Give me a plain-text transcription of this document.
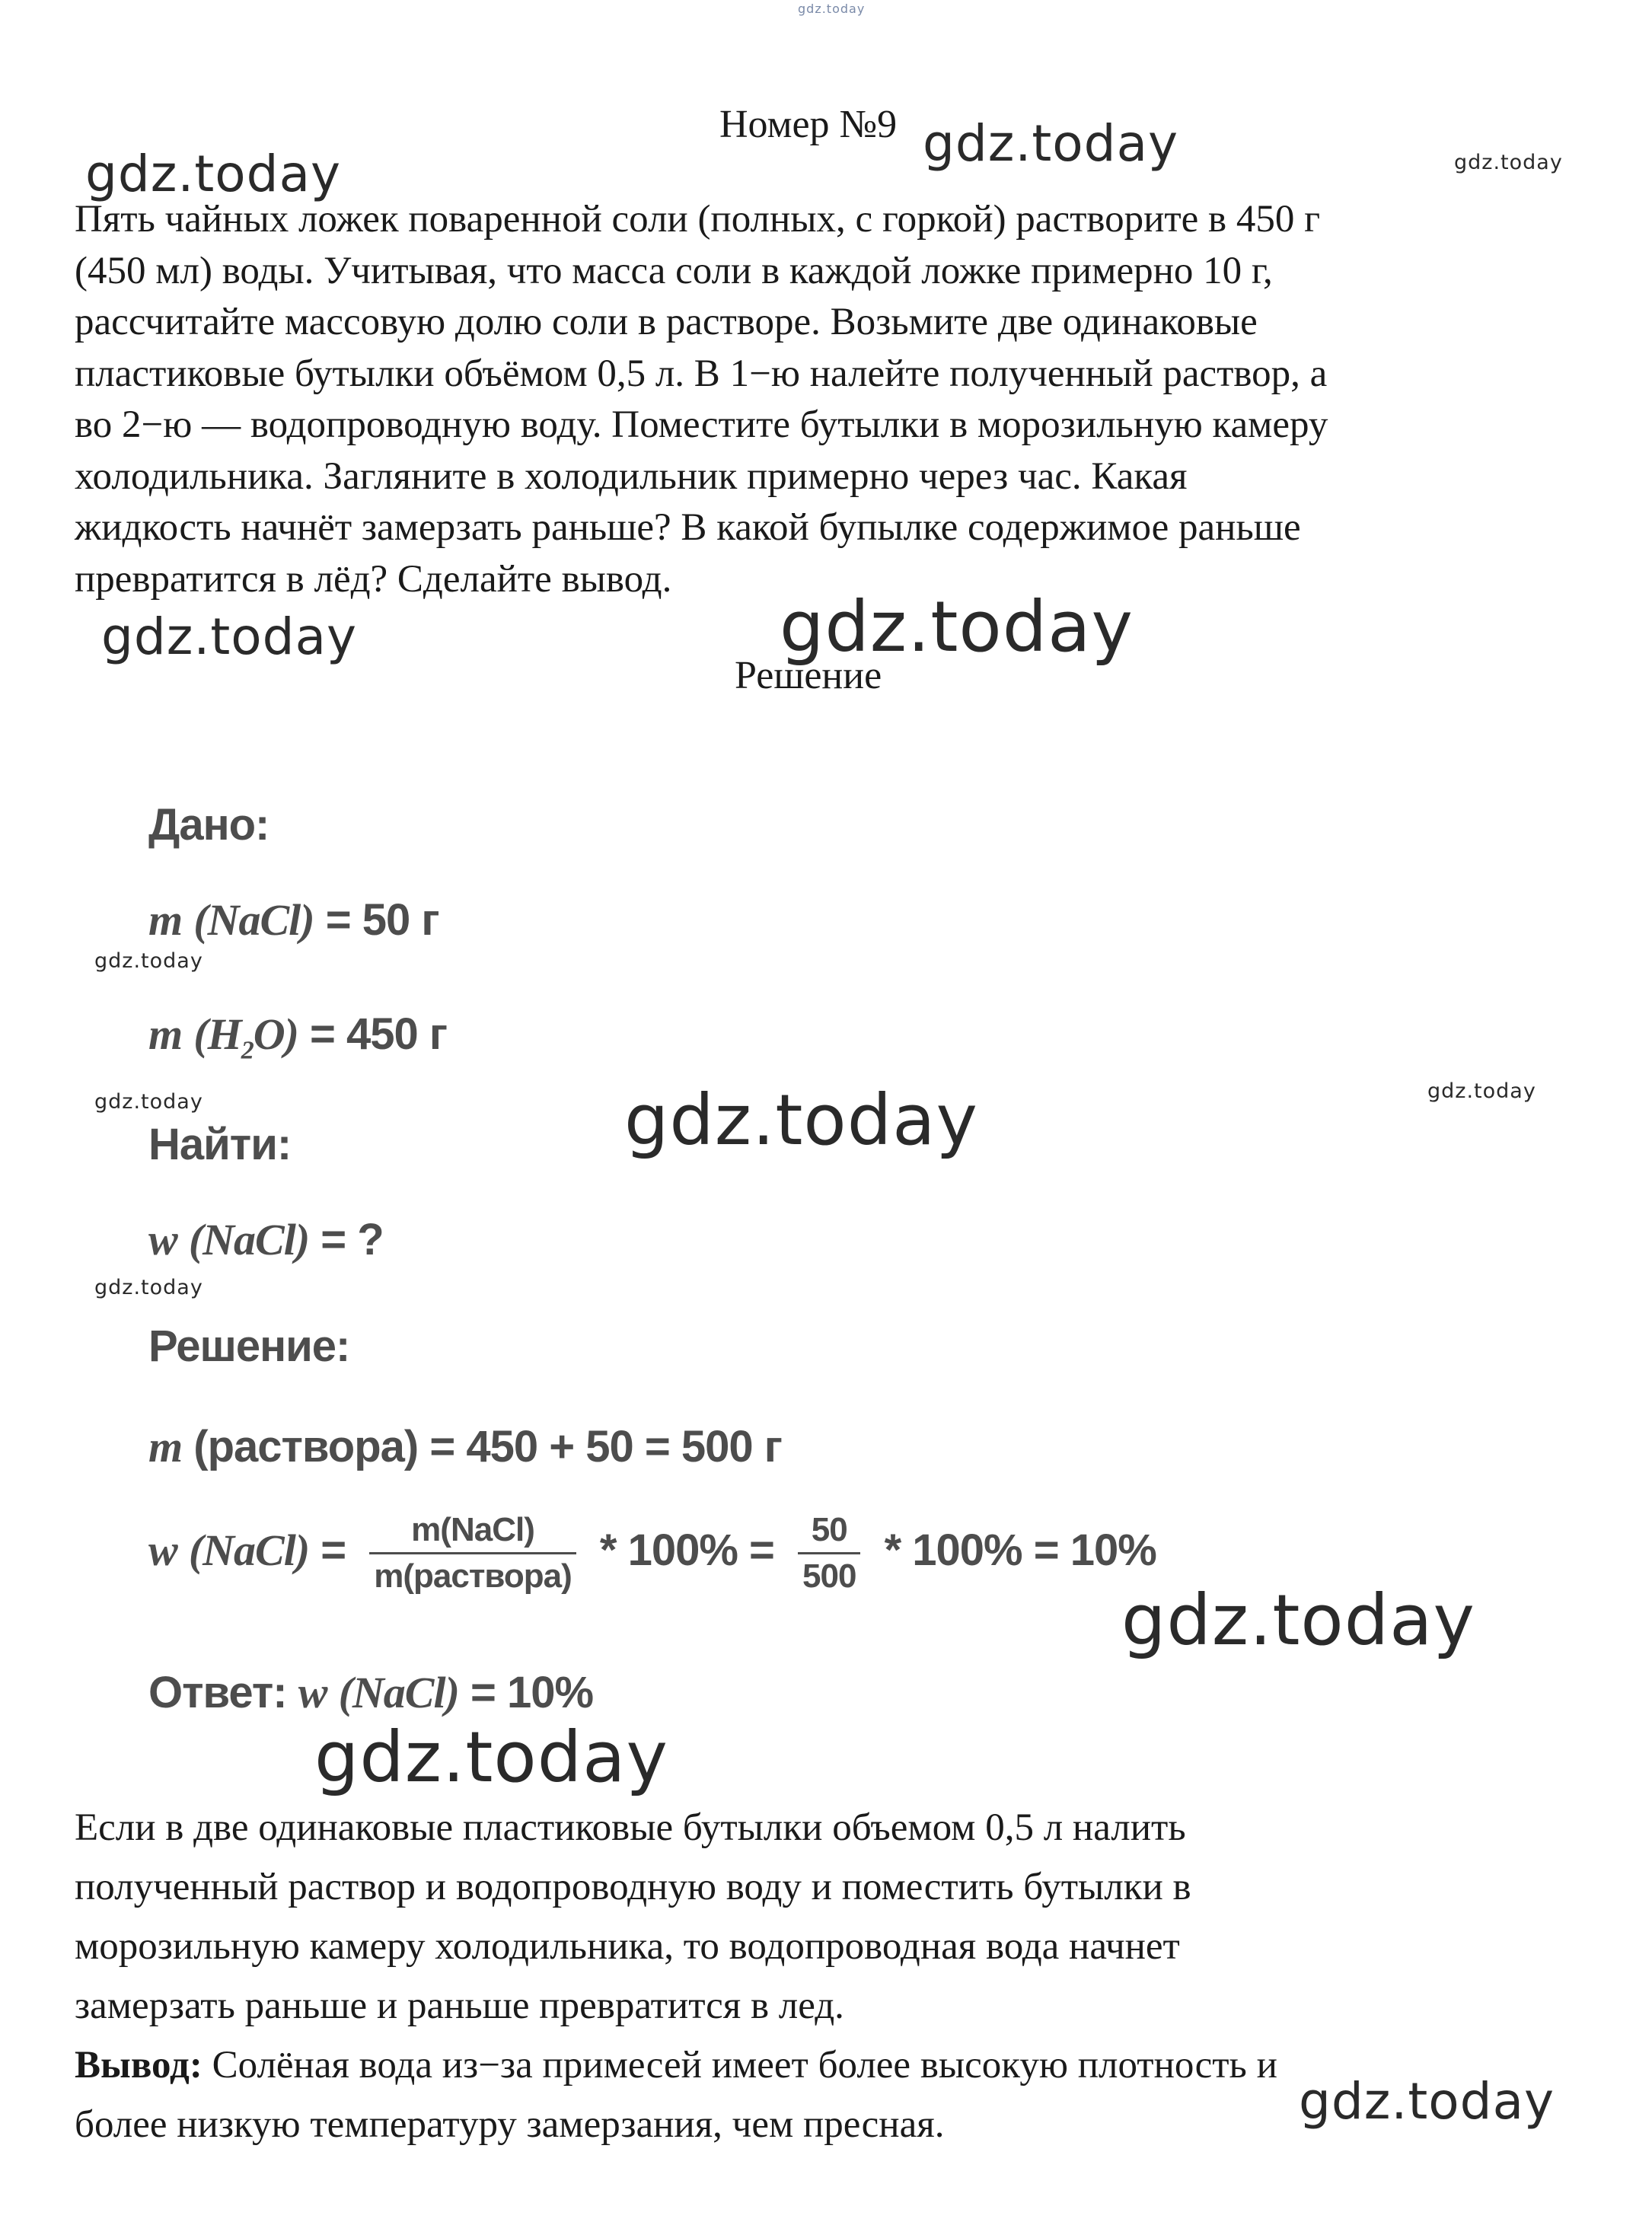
gdz.today
gdz.today
gdz.today	gdz.today
gdz.today	gdz.today
gdz.today
gdz.today	gdz.today
gdz.today
gdz.today
gdz.today
gdz.today
gdz.today
Номер №9
Пять чайных ложек поваренной соли (полных, с горкой) растворите в 450 г
(450 мл) воды. Учитывая, что масса соли в каждой ложке примерно 10 г,
рассчитайте массовую долю соли в растворе. Возьмите две одинаковые
пластиковые бутылки объёмом 0,5 л. В 1−ю налейте полученный раствор, а
во 2−ю — водопроводную воду. Поместите бутылки в морозильную камеру
холодильника. Загляните в холодильник примерно через час. Какая
жидкость начнёт замерзать раньше? В какой бупылке содержимое раньше
превратится в лёд? Сделайте вывод.
Решение
Дано:
m (NaCl) = 50 г
m $(H_2O) = 450$ г
Найти:
w (NaCl) = ?
Решение:
m (раствора) = 450 + 50 = 500 г
w (NaCl) = $\frac{\text{m(NaCl)}}{\text{m(раствора)}} * 100\% = \frac{50}{500} * 100\% = 10\%$
Ответ: w (NaCl) = 10%
Если в две одинаковые пластиковые бутылки объемом 0,5 л налить
полученный раствор и водопроводную воду и поместить бутылки в
морозильную камеру холодильника, то водопроводная вода начнет
замерзать раньше и раньше превратится в лед.
Вывод: Солёная вода из−за примесей имеет более высокую плотность и
более низкую температуру замерзания, чем пресная.
